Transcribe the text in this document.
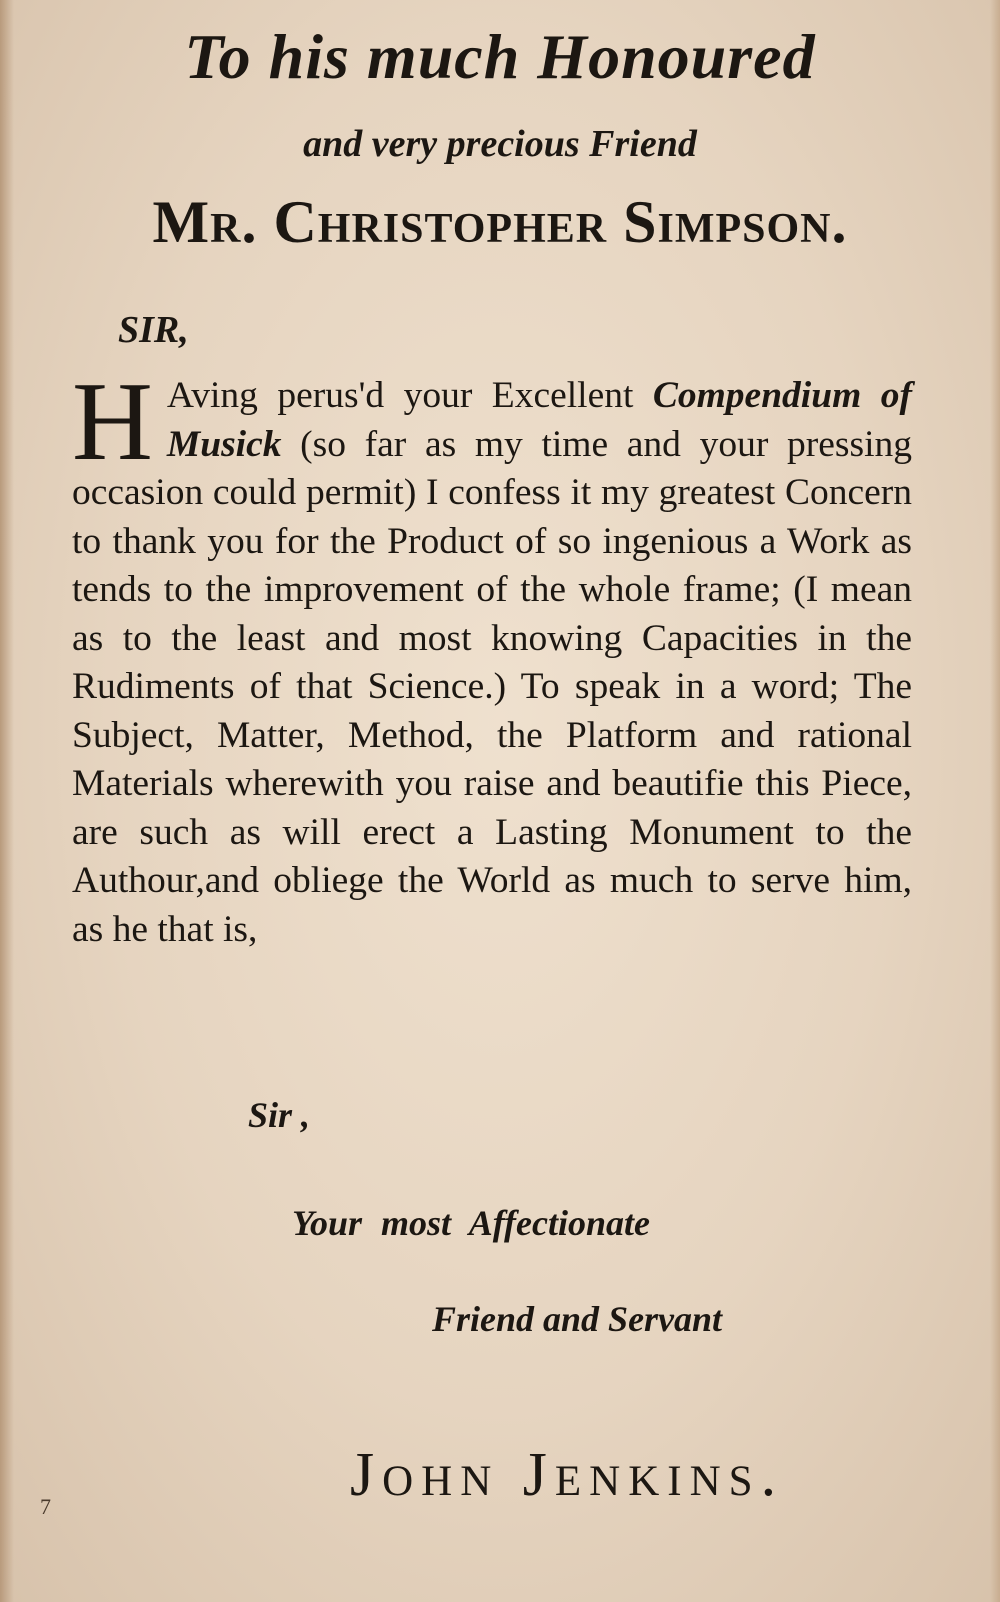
To his much Honoured
and very precious Friend
Mr. Christopher Simpson.
SIR,
H Aving perus'd your Excellent Compendium of Musick (so far as my time and your pressing occasion could permit) I confess it my greatest Concern to thank you for the Product of so ingenious a Work as tends to the improvement of the whole frame; (I mean as to the least and most knowing Capacities in the Rudiments of that Science.) To speak in a word; The Subject, Matter, Method, the Platform and rational Materials wherewith you raise and beautifie this Piece, are such as will erect a Lasting Monument to the Authour,and obliege the World as much to serve him, as he that is,
Sir ,
Your most Affectionate
Friend and Servant
John Jenkins.
7
